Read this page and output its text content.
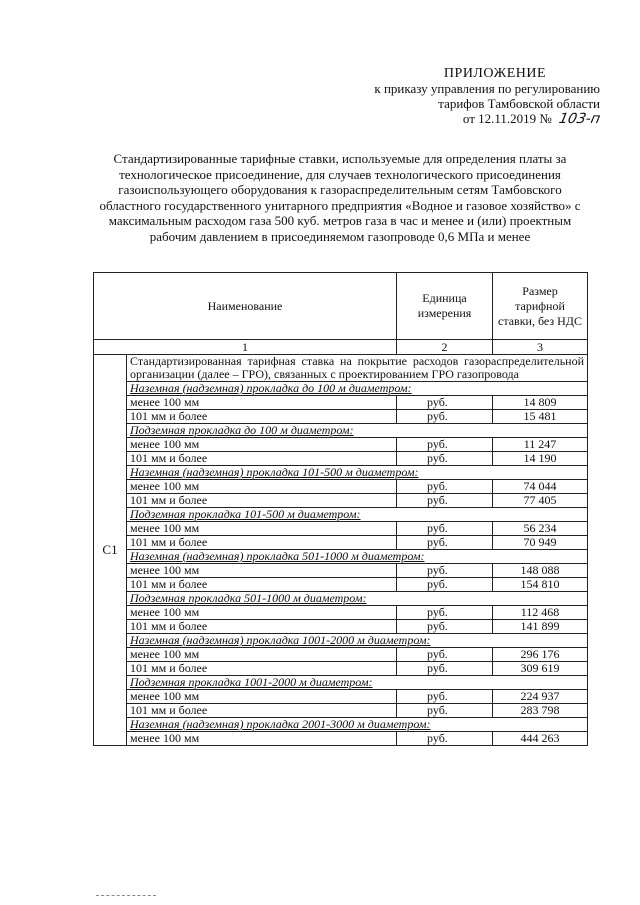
ПРИЛОЖЕНИЕ
к приказу управления по регулированию
тарифов Тамбовской области
от 12.11.2019 № 103-п
Стандартизированные тарифные ставки, используемые для определения платы за технологическое присоединение, для случаев технологического присоединения газоиспользующего оборудования к газораспределительным сетям Тамбовского областного государственного унитарного предприятия «Водное и газовое хозяйство» с максимальным расходом газа 500 куб. метров газа в час и менее и (или) проектным рабочим давлением в присоединяемом газопроводе 0,6 МПа и менее
Наименование		Единица измерения	Размер тарифной ставки, без НДС
1		2	3
С1	Стандартизированная тарифная ставка на покрытие расходов газораспределительной организации (далее – ГРО), связанных с проектированием ГРО газопровода		
	Наземная (надземная) прокладка до 100 м диаметром:		
	менее 100 мм	руб.	14 809
	101 мм и более	руб.	15 481
	Подземная прокладка до 100 м диаметром:		
	менее 100 мм	руб.	11 247
	101 мм и более	руб.	14 190
	Наземная (надземная) прокладка 101-500 м диаметром:		
	менее 100 мм	руб.	74 044
	101 мм и более	руб.	77 405
	Подземная прокладка 101-500 м диаметром:		
	менее 100 мм	руб.	56 234
	101 мм и более	руб.	70 949
	Наземная (надземная) прокладка 501-1000 м диаметром:		
	менее 100 мм	руб.	148 088
	101 мм и более	руб.	154 810
	Подземная прокладка 501-1000 м диаметром:		
	менее 100 мм	руб.	112 468
	101 мм и более	руб.	141 899
	Наземная (надземная) прокладка 1001-2000 м диаметром:		
	менее 100 мм	руб.	296 176
	101 мм и более	руб.	309 619
	Подземная прокладка 1001-2000 м диаметром:		
	менее 100 мм	руб.	224 937
	101 мм и более	руб.	283 798
	Наземная (надземная) прокладка 2001-3000 м диаметром:		
	менее 100 мм	руб.	444 263
